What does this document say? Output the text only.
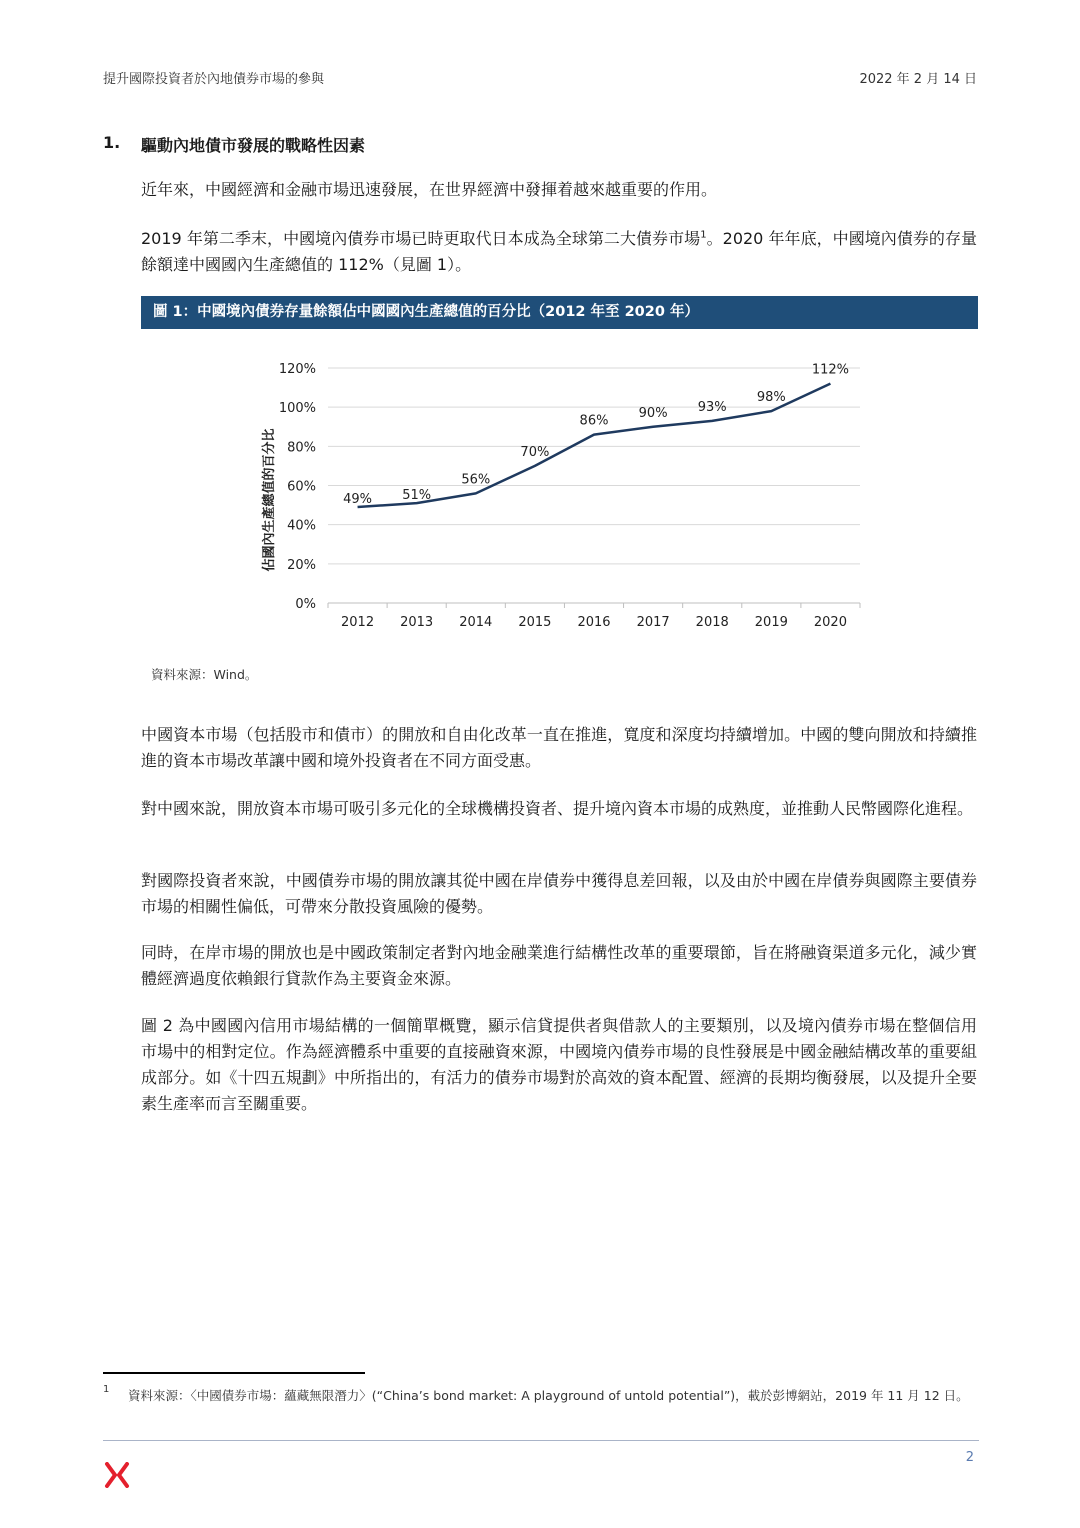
提升國際投資者於內地債券市場的參與	2022 年 2 月 14 日
1. 驅動內地債市發展的戰略性因素
近年來，中國經濟和金融市場迅速發展，在世界經濟中發揮着越來越重要的作用。
2019 年第二季末，中國境內債券市場已時更取代日本成為全球第二大債券市場$^1$。2020 年年底，中國境內債券的存量餘額達中國國內生產總值的 112%（見圖 1）。
圖 1：中國境內債券存量餘額佔中國國內生產總值的百分比（2012 年至 2020 年）
佔國內生產總值的百分比
0%
20%
40%
60%
80%
100%
120%
2012 2013 2014 2015 2016 2017 2018 2019 2020
49% 51%
56%
70%
86%
90% 93%
98%
112%
資料來源：Wind。
中國資本市場（包括股市和債市）的開放和自由化改革一直在推進，寬度和深度均持續增加。中國的雙向開放和持續推進的資本市場改革讓中國和境外投資者在不同方面受惠。
對中國來說，開放資本市場可吸引多元化的全球機構投資者、提升境內資本市場的成熟度，並推動人民幣國際化進程。
對國際投資者來說，中國債券市場的開放讓其從中國在岸債券中獲得息差回報，以及由於中國在岸債券與國際主要債券市場的相關性偏低，可帶來分散投資風險的優勢。
同時，在岸市場的開放也是中國政策制定者對內地金融業進行結構性改革的重要環節，旨在將融資渠道多元化，減少實體經濟過度依賴銀行貸款作為主要資金來源。
圖 2 為中國國內信用市場結構的一個簡單概覽，顯示信貸提供者與借款人的主要類別，以及境內債券市場在整個信用市場中的相對定位。作為經濟體系中重要的直接融資來源，中國境內債券市場的良性發展是中國金融結構改革的重要組成部分。如《十四五規劃》中所指出的，有活力的債券市場對於高效的資本配置、經濟的長期均衡發展，以及提升全要素生產率而言至關重要。
1 資料來源：〈中國債券市場：蘊藏無限潛力〉(“China’s bond market: A playground of untold potential”)，載於彭博網站，2019 年 11 月 12 日。
2
